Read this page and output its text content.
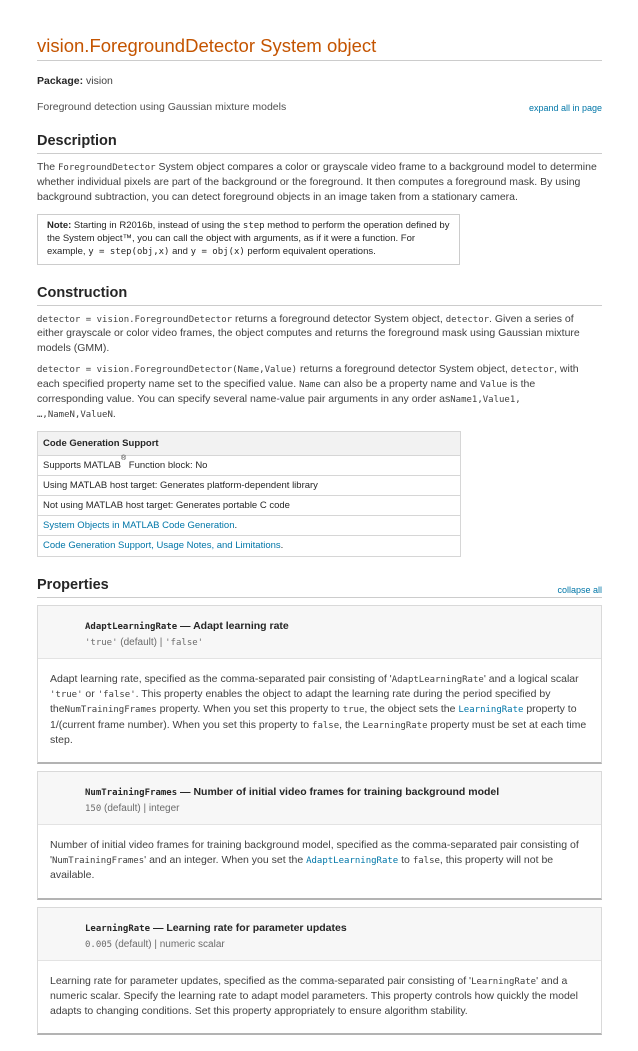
vision.ForegroundDetector System object
Package: vision
Foreground detection using Gaussian mixture models	expand all in page
Description

The ForegroundDetector System object compares a color or grayscale video frame to a background model to determine whether individual pixels are part of the background or the foreground. It then computes a foreground mask. By using background subtraction, you can detect foreground objects in an image taken from a stationary camera.

Note: Starting in R2016b, instead of using the step method to perform the operation defined by the System object™, you can call the object with arguments, as if it were a function. For example, y = step(obj,x) and y = obj(x) perform equivalent operations.
Construction

detector = vision.ForegroundDetector returns a foreground detector System object, detector. Given a series of either grayscale or color video frames, the object computes and returns the foreground mask using Gaussian mixture models (GMM).

detector = vision.ForegroundDetector(Name,Value) returns a foreground detector System object, detector, with each specified property name set to the specified value. Name can also be a property name and Value is the corresponding value. You can specify several name-value pair arguments in any order asName1,Value1,
…,NameN,ValueN.

Code Generation Support
Supports MATLAB® Function block: No
Using MATLAB host target: Generates platform-dependent library
Not using MATLAB host target: Generates portable C code
System Objects in MATLAB Code Generation.
Code Generation Support, Usage Notes, and Limitations.
Properties	collapse all
AdaptLearningRate — Adapt learning rate
'true' (default) | 'false'
Adapt learning rate, specified as the comma-separated pair consisting of 'AdaptLearningRate' and a logical scalar 'true' or 'false'. This property enables the object to adapt the learning rate during the period specified by theNumTrainingFrames property. When you set this property to true, the object sets the LearningRate property to 1/(current frame number). When you set this property to false, the LearningRate property must be set at each time step.
NumTrainingFrames — Number of initial video frames for training background model
150 (default) | integer
Number of initial video frames for training background model, specified as the comma-separated pair consisting of 'NumTrainingFrames' and an integer. When you set the AdaptLearningRate to false, this property will not be available.
LearningRate — Learning rate for parameter updates
0.005 (default) | numeric scalar
Learning rate for parameter updates, specified as the comma-separated pair consisting of 'LearningRate' and a numeric scalar. Specify the learning rate to adapt model parameters. This property controls how quickly the model adapts to changing conditions. Set this property appropriately to ensure algorithm stability.
